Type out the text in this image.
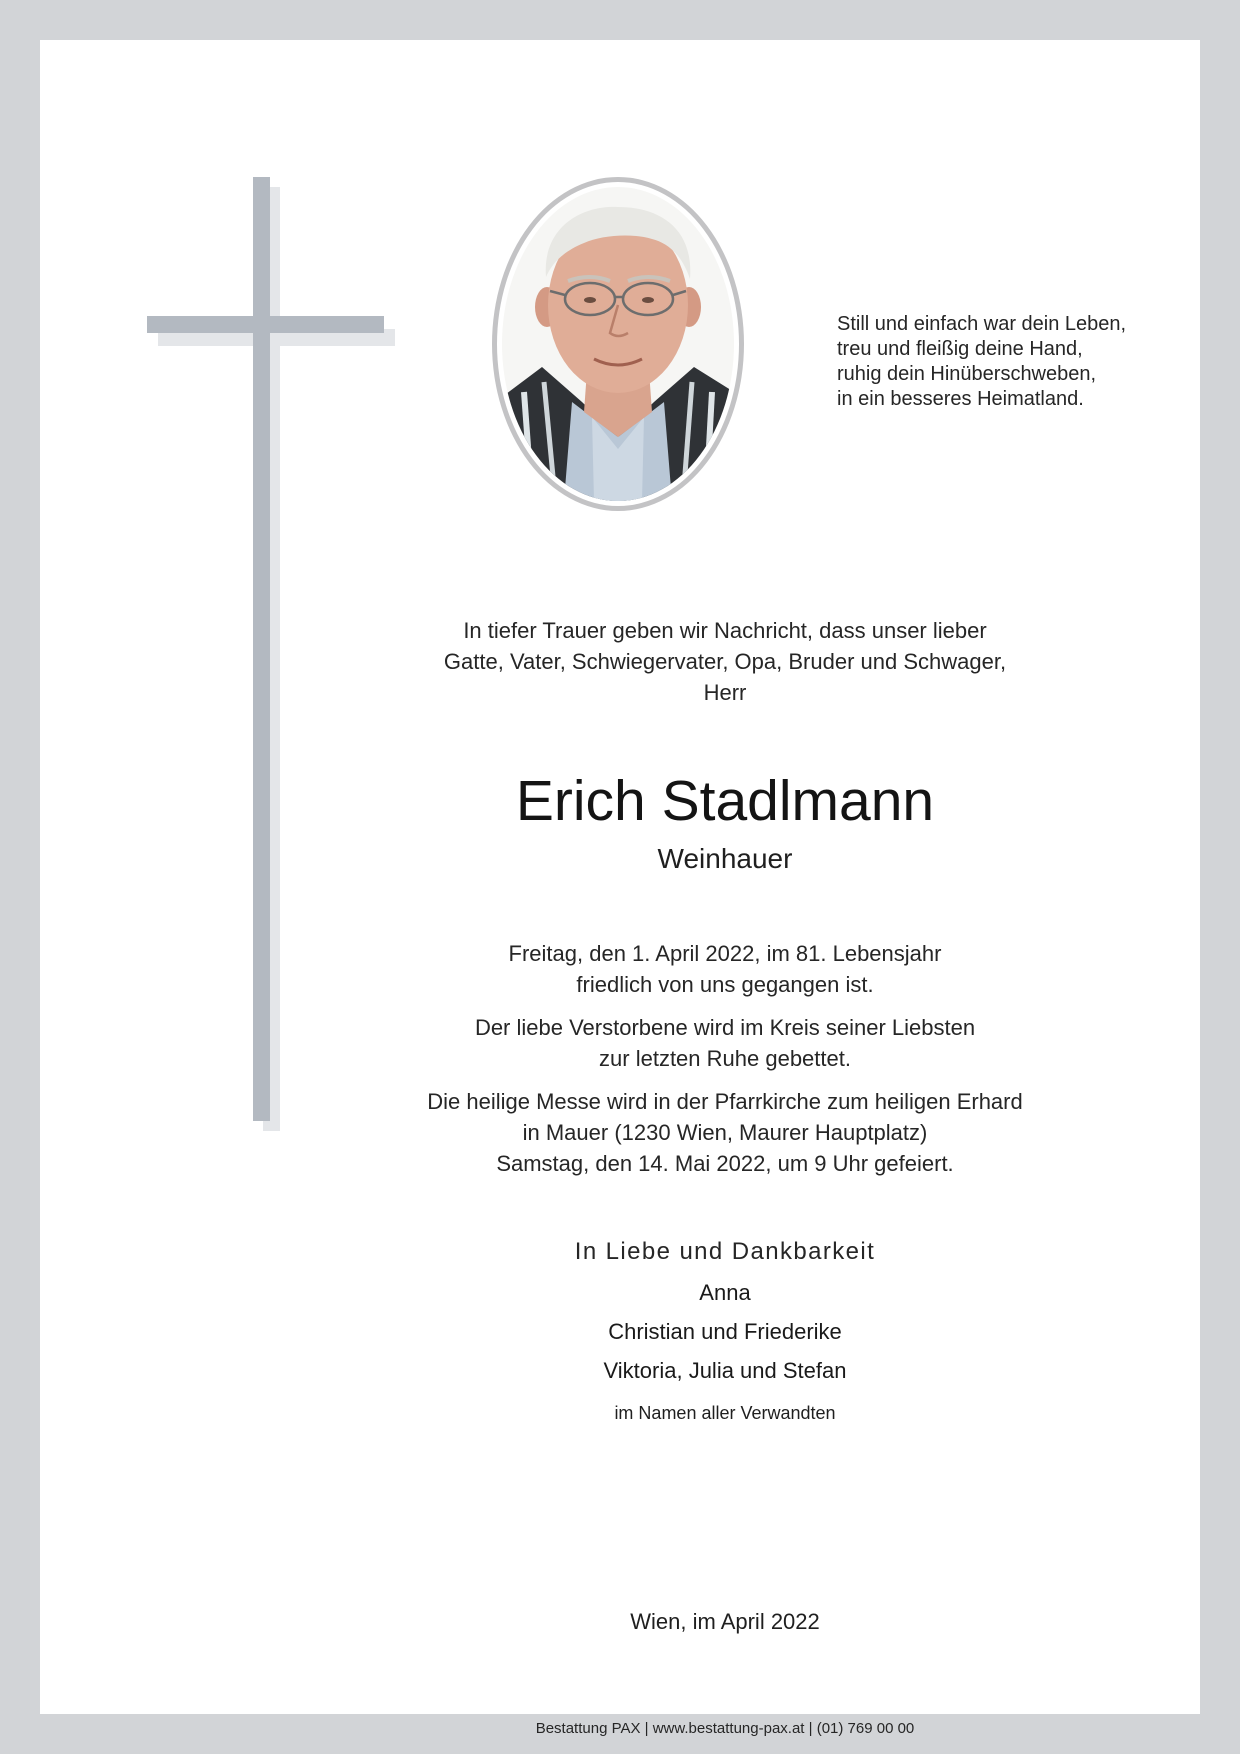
Still und einfach war dein Leben,
treu und fleißig deine Hand,
ruhig dein Hinüberschweben,
in ein besseres Heimatland.
In tiefer Trauer geben wir Nachricht, dass unser lieber
Gatte, Vater, Schwiegervater, Opa, Bruder und Schwager,
Herr
Erich Stadlmann
Weinhauer
Freitag, den 1. April 2022, im 81. Lebensjahr
friedlich von uns gegangen ist.
Der liebe Verstorbene wird im Kreis seiner Liebsten
zur letzten Ruhe gebettet.
Die heilige Messe wird in der Pfarrkirche zum heiligen Erhard
in Mauer (1230 Wien, Maurer Hauptplatz)
Samstag, den 14. Mai 2022, um 9 Uhr gefeiert.
In Liebe und Dankbarkeit
Anna
Christian und Friederike
Viktoria, Julia und Stefan
im Namen aller Verwandten
Wien, im April 2022
Bestattung PAX | www.bestattung-pax.at | (01) 769 00 00
